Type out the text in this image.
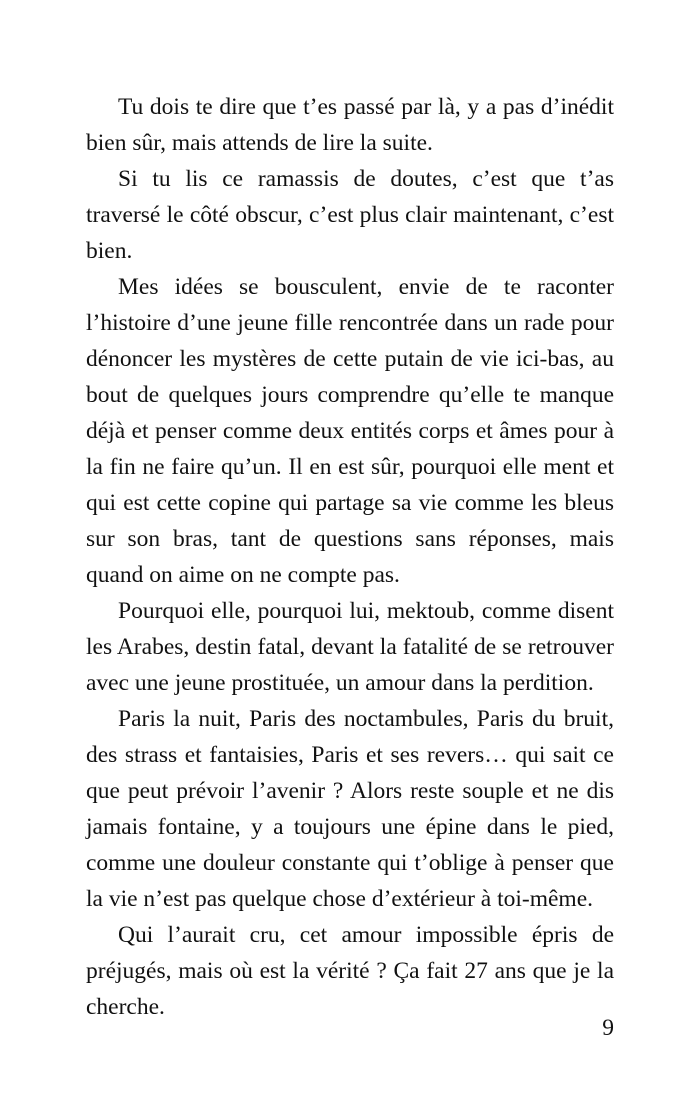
Tu dois te dire que t’es passé par là, y a pas d’inédit bien sûr, mais attends de lire la suite.

Si tu lis ce ramassis de doutes, c’est que t’as traversé le côté obscur, c’est plus clair maintenant, c’est bien.

Mes idées se bousculent, envie de te raconter l’histoire d’une jeune fille rencontrée dans un rade pour dénoncer les mystères de cette putain de vie ici-bas, au bout de quelques jours comprendre qu’elle te manque déjà et penser comme deux entités corps et âmes pour à la fin ne faire qu’un. Il en est sûr, pourquoi elle ment et qui est cette copine qui partage sa vie comme les bleus sur son bras, tant de questions sans réponses, mais quand on aime on ne compte pas.

Pourquoi elle, pourquoi lui, mektoub, comme disent les Arabes, destin fatal, devant la fatalité de se retrouver avec une jeune prostituée, un amour dans la perdition.

Paris la nuit, Paris des noctambules, Paris du bruit, des strass et fantaisies, Paris et ses revers… qui sait ce que peut prévoir l’avenir ? Alors reste souple et ne dis jamais fontaine, y a toujours une épine dans le pied, comme une douleur constante qui t’oblige à penser que la vie n’est pas quelque chose d’extérieur à toi-même.

Qui l’aurait cru, cet amour impossible épris de préjugés, mais où est la vérité ? Ça fait 27 ans que je la cherche.

9
